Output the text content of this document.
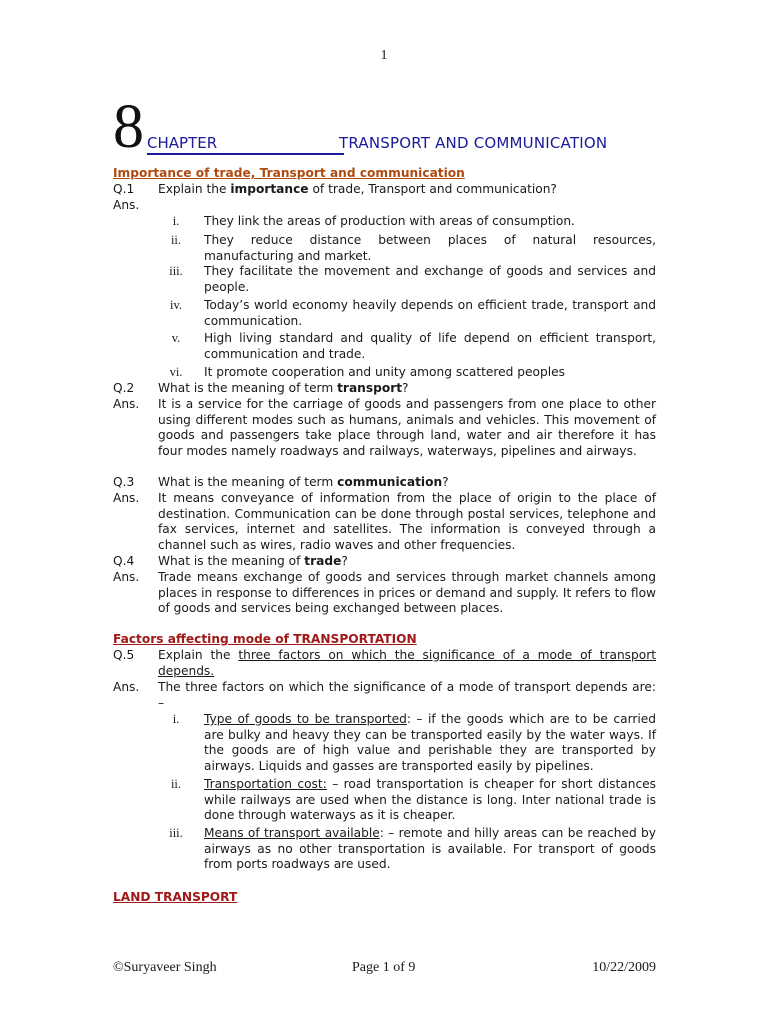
1
8 CHAPTER	TRANSPORT AND COMMUNICATION
Importance of trade, Transport and communication
Q.1 Explain the importance of trade, Transport and communication?
Ans.
i.	They link the areas of production with areas of consumption.
ii.	They reduce distance between places of natural resources, manufacturing and market.
iii.	They facilitate the movement and exchange of goods and services and people.
iv.	Today’s world economy heavily depends on efficient trade, transport and communication.
v.	High living standard and quality of life depend on efficient transport, communication and trade.
vi.	It promote cooperation and unity among scattered peoples
Q.2 What is the meaning of term transport?
Ans. It is a service for the carriage of goods and passengers from one place to other using different modes such as humans, animals and vehicles. This movement of goods and passengers take place through land, water and air therefore it has four modes namely roadways and railways, waterways, pipelines and airways.
Q.3 What is the meaning of term communication?
Ans. It means conveyance of information from the place of origin to the place of destination. Communication can be done through postal services, telephone and fax services, internet and satellites. The information is conveyed through a channel such as wires, radio waves and other frequencies.
Q.4 What is the meaning of trade?
Ans. Trade means exchange of goods and services through market channels among places in response to differences in prices or demand and supply. It refers to flow of goods and services being exchanged between places.
Factors affecting mode of TRANSPORTATION
Q.5 Explain the three factors on which the significance of a mode of transport depends.
Ans. The three factors on which the significance of a mode of transport depends are: –
i.	Type of goods to be transported: – if the goods which are to be carried are bulky and heavy they can be transported easily by the water ways. If the goods are of high value and perishable they are transported by airways. Liquids and gasses are transported easily by pipelines.
ii.	Transportation cost: – road transportation is cheaper for short distances while railways are used when the distance is long. Inter national trade is done through waterways as it is cheaper.
iii.	Means of transport available: – remote and hilly areas can be reached by airways as no other transportation is available. For transport of goods from ports roadways are used.
LAND TRANSPORT
©Suryaveer Singh	Page 1 of 9	10/22/2009
